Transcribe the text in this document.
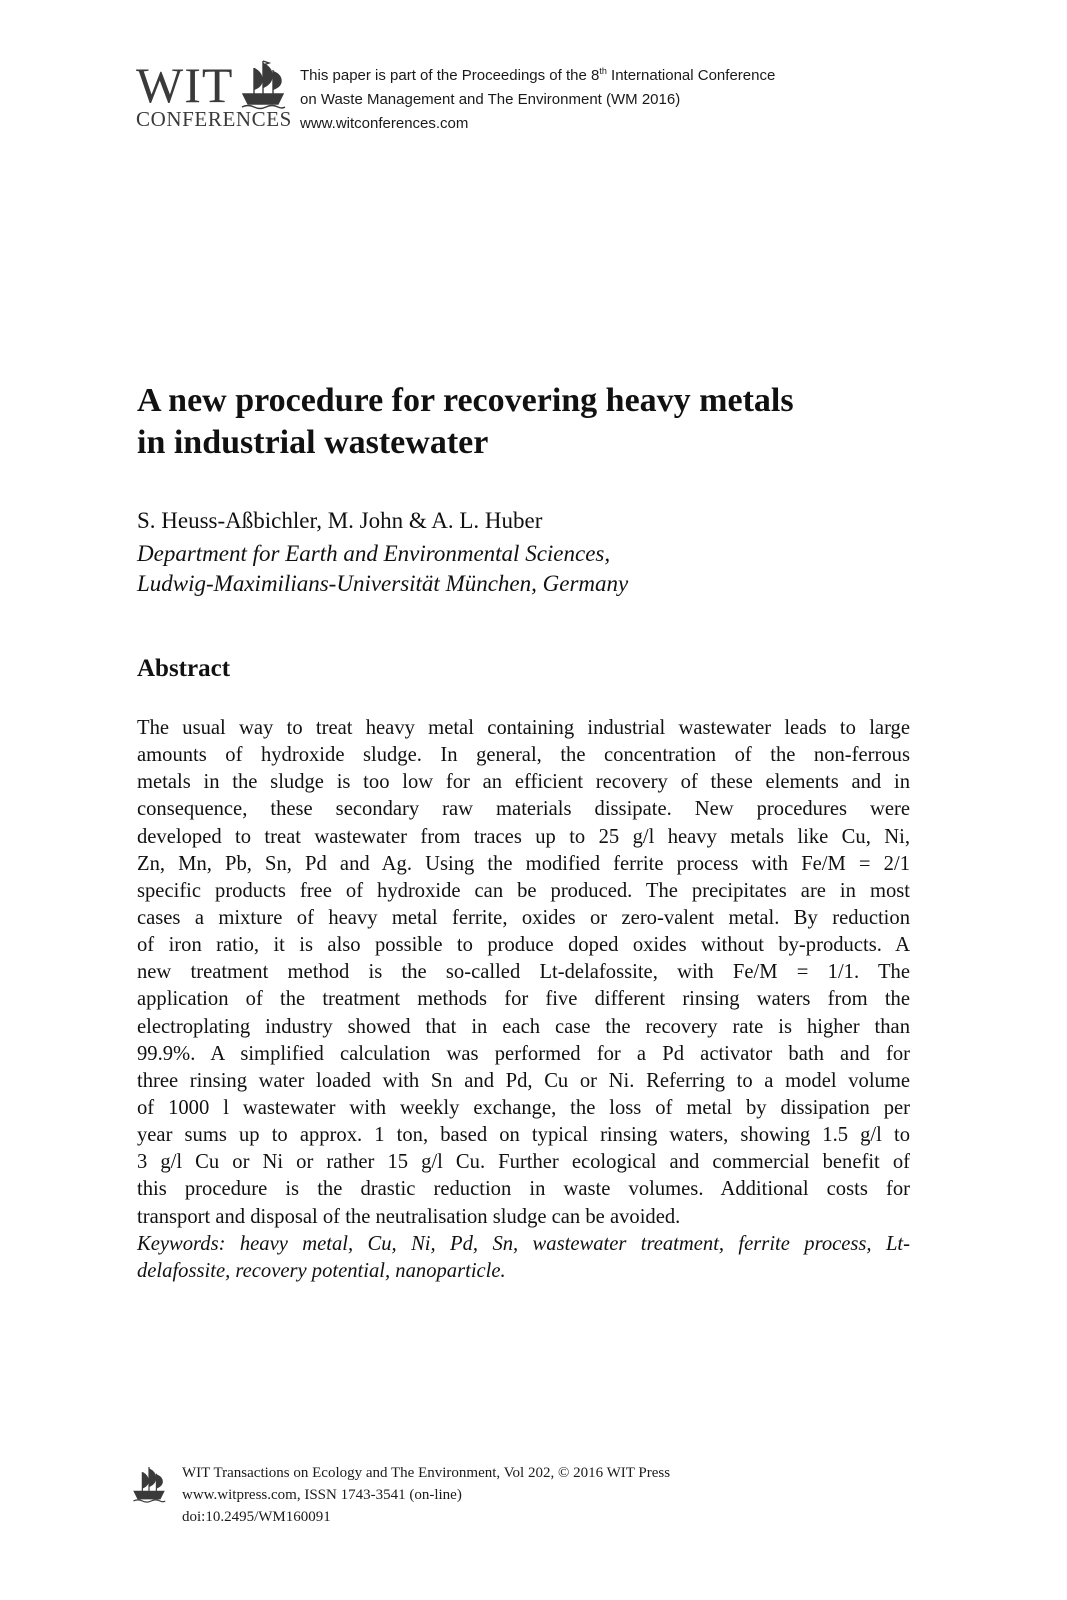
WIT
CONFERENCES
This paper is part of the Proceedings of the 8th International Conference
on Waste Management and The Environment (WM 2016)
www.witconferences.com
A new procedure for recovering heavy metals
in industrial wastewater
S. Heuss-Aßbichler, M. John & A. L. Huber
Department for Earth and Environmental Sciences,
Ludwig-Maximilians-Universität München, Germany
Abstract
The usual way to treat heavy metal containing industrial wastewater leads to large
amounts of hydroxide sludge. In general, the concentration of the non-ferrous
metals in the sludge is too low for an efficient recovery of these elements and in
consequence, these secondary raw materials dissipate. New procedures were
developed to treat wastewater from traces up to 25 g/l heavy metals like Cu, Ni,
Zn, Mn, Pb, Sn, Pd and Ag. Using the modified ferrite process with Fe/M = 2/1
specific products free of hydroxide can be produced. The precipitates are in most
cases a mixture of heavy metal ferrite, oxides or zero-valent metal. By reduction
of iron ratio, it is also possible to produce doped oxides without by-products. A
new treatment method is the so-called Lt-delafossite, with Fe/M = 1/1. The
application of the treatment methods for five different rinsing waters from the
electroplating industry showed that in each case the recovery rate is higher than
99.9%. A simplified calculation was performed for a Pd activator bath and for
three rinsing water loaded with Sn and Pd, Cu or Ni. Referring to a model volume
of 1000 l wastewater with weekly exchange, the loss of metal by dissipation per
year sums up to approx. 1 ton, based on typical rinsing waters, showing 1.5 g/l to
3 g/l Cu or Ni or rather 15 g/l Cu. Further ecological and commercial benefit of
this procedure is the drastic reduction in waste volumes. Additional costs for
transport and disposal of the neutralisation sludge can be avoided.
Keywords: heavy metal, Cu, Ni, Pd, Sn, wastewater treatment, ferrite process, Lt-
delafossite, recovery potential, nanoparticle.
WIT Transactions on Ecology and The Environment, Vol 202, © 2016 WIT Press
www.witpress.com, ISSN 1743-3541 (on-line)
doi:10.2495/WM160091
